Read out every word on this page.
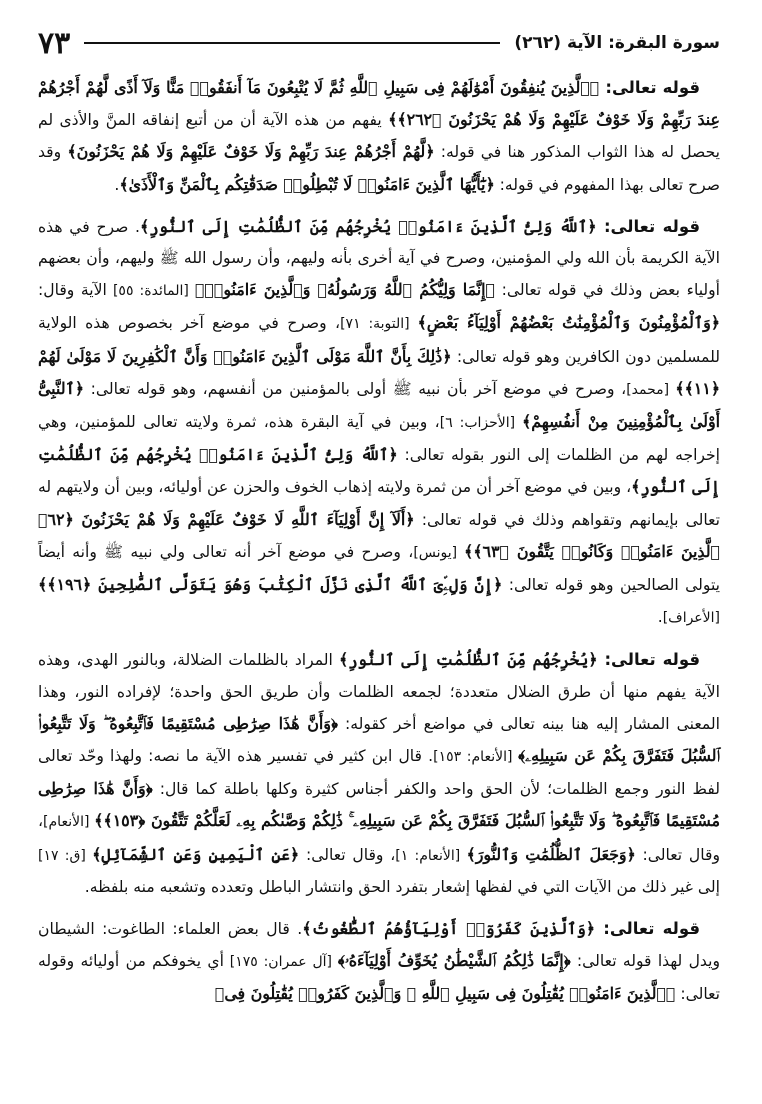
سورة البقرة: الآية (٢٦٢)
٧٣

قوله تعالى: ﴿ٱلَّذِينَ يُنفِقُونَ أَمْوَٰلَهُمْ فِى سَبِيلِ ٱللَّهِ ثُمَّ لَا يُتْبِعُونَ مَآ أَنفَقُوا۟ مَنًّا وَلَآ أَذًى لَّهُمْ أَجْرُهُمْ عِندَ رَبِّهِمْ وَلَا خَوْفٌ عَلَيْهِمْ وَلَا هُمْ يَحْزَنُونَ ﴿٢٦٢﴾﴾ يفهم من هذه الآية أن من أتبع إنفاقه المنَّ والأذى لم يحصل له هذا الثواب المذكور هنا في قوله: ﴿لَّهُمْ أَجْرُهُمْ عِندَ رَبِّهِمْ وَلَا خَوْفٌ عَلَيْهِمْ وَلَا هُمْ يَحْزَنُونَ﴾ وقد صرح تعالى بهذا المفهوم في قوله: ﴿يَٰٓأَيُّهَا ٱلَّذِينَ ءَامَنُوا۟ لَا تُبْطِلُوا۟ صَدَقَٰتِكُم بِٱلْمَنِّ وَٱلْأَذَىٰ﴾.

قوله تعالى: ﴿ٱللَّهُ وَلِىُّ ٱلَّذِينَ ءَامَنُوا۟ يُخْرِجُهُم مِّنَ ٱلظُّلُمَٰتِ إِلَى ٱلنُّورِ﴾. صرح في هذه الآية الكريمة بأن الله ولي المؤمنين، وصرح في آية أخرى بأنه وليهم، وأن رسول الله ﷺ وليهم، وأن بعضهم أولياء بعض وذلك في قوله تعالى: ﴿إِنَّمَا وَلِيُّكُمُ ٱللَّهُ وَرَسُولُهُۥ وَٱلَّذِينَ ءَامَنُوا۟﴾ [المائدة: ٥٥] الآية وقال: ﴿وَٱلْمُؤْمِنُونَ وَٱلْمُؤْمِنَٰتُ بَعْضُهُمْ أَوْلِيَآءُ بَعْضٍ﴾ [التوبة: ٧١]، وصرح في موضع آخر بخصوص هذه الولاية للمسلمين دون الكافرين وهو قوله تعالى: ﴿ذَٰلِكَ بِأَنَّ ٱللَّهَ مَوْلَى ٱلَّذِينَ ءَامَنُوا۟ وَأَنَّ ٱلْكَٰفِرِينَ لَا مَوْلَىٰ لَهُمْ ﴿١١﴾﴾ [محمد]، وصرح في موضع آخر بأن نبيه ﷺ أولى بالمؤمنين من أنفسهم، وهو قوله تعالى: ﴿ٱلنَّبِىُّ أَوْلَىٰ بِٱلْمُؤْمِنِينَ مِنْ أَنفُسِهِمْ﴾ [الأحزاب: ٦]، وبين في آية البقرة هذه، ثمرة ولايته تعالى للمؤمنين، وهي إخراجه لهم من الظلمات إلى النور بقوله تعالى: ﴿ٱللَّهُ وَلِىُّ ٱلَّذِينَ ءَامَنُوا۟ يُخْرِجُهُم مِّنَ ٱلظُّلُمَٰتِ إِلَى ٱلنُّورِ﴾، وبين في موضع آخر أن من ثمرة ولايته إذهاب الخوف والحزن عن أوليائه، وبين أن ولايتهم له تعالى بإيمانهم وتقواهم وذلك في قوله تعالى: ﴿أَلَآ إِنَّ أَوْلِيَآءَ ٱللَّهِ لَا خَوْفٌ عَلَيْهِمْ وَلَا هُمْ يَحْزَنُونَ ﴿٦٢﴾ ٱلَّذِينَ ءَامَنُوا۟ وَكَانُوا۟ يَتَّقُونَ ﴿٦٣﴾﴾ [يونس]، وصرح في موضع آخر أنه تعالى ولي نبيه ﷺ وأنه أيضاً يتولى الصالحين وهو قوله تعالى: ﴿إِنَّ وَلِۦِّىَ ٱللَّهُ ٱلَّذِى نَزَّلَ ٱلْكِتَٰبَ وَهُوَ يَتَوَلَّى ٱلصَّٰلِحِينَ ﴿١٩٦﴾﴾ [الأعراف].

قوله تعالى: ﴿يُخْرِجُهُم مِّنَ ٱلظُّلُمَٰتِ إِلَى ٱلنُّورِ﴾ المراد بالظلمات الضلالة، وبالنور الهدى، وهذه الآية يفهم منها أن طرق الضلال متعددة؛ لجمعه الظلمات وأن طريق الحق واحدة؛ لإفراده النور، وهذا المعنى المشار إليه هنا بينه تعالى في مواضع أخر كقوله: ﴿وَأَنَّ هَٰذَا صِرَٰطِى مُسْتَقِيمًا فَٱتَّبِعُوهُ ۖ وَلَا تَتَّبِعُوا۟ ٱلسُّبُلَ فَتَفَرَّقَ بِكُمْ عَن سَبِيلِهِۦ﴾ [الأنعام: ١٥٣]. قال ابن كثير في تفسير هذه الآية ما نصه: ولهذا وحّد تعالى لفظ النور وجمع الظلمات؛ لأن الحق واحد والكفر أجناس كثيرة وكلها باطلة كما قال: ﴿وَأَنَّ هَٰذَا صِرَٰطِى مُسْتَقِيمًا فَٱتَّبِعُوهُ ۖ وَلَا تَتَّبِعُوا۟ ٱلسُّبُلَ فَتَفَرَّقَ بِكُمْ عَن سَبِيلِهِۦ ۚ ذَٰلِكُمْ وَصَّىٰكُم بِهِۦ لَعَلَّكُمْ تَتَّقُونَ ﴿١٥٣﴾﴾ [الأنعام]، وقال تعالى: ﴿وَجَعَلَ ٱلظُّلُمَٰتِ وَٱلنُّورَ﴾ [الأنعام: ١]، وقال تعالى: ﴿عَنِ ٱلْيَمِينِ وَعَنِ ٱلشِّمَآئِلِ﴾ [ق: ١٧] إلى غير ذلك من الآيات التي في لفظها إشعار بتفرد الحق وانتشار الباطل وتعدده وتشعبه منه بلفظه.

قوله تعالى: ﴿وَٱلَّذِينَ كَفَرُوٓا۟ أَوْلِيَآؤُهُمُ ٱلطَّٰغُوتُ﴾. قال بعض العلماء: الطاغوت: الشيطان ويدل لهذا قوله تعالى: ﴿إِنَّمَا ذَٰلِكُمُ ٱلشَّيْطَٰنُ يُخَوِّفُ أَوْلِيَآءَهُۥ﴾ [آل عمران: ١٧٥] أي يخوفكم من أوليائه وقوله تعالى: ﴿ٱلَّذِينَ ءَامَنُوا۟ يُقَٰتِلُونَ فِى سَبِيلِ ٱللَّهِ ۖ وَٱلَّذِينَ كَفَرُوا۟ يُقَٰتِلُونَ فِى﴾
